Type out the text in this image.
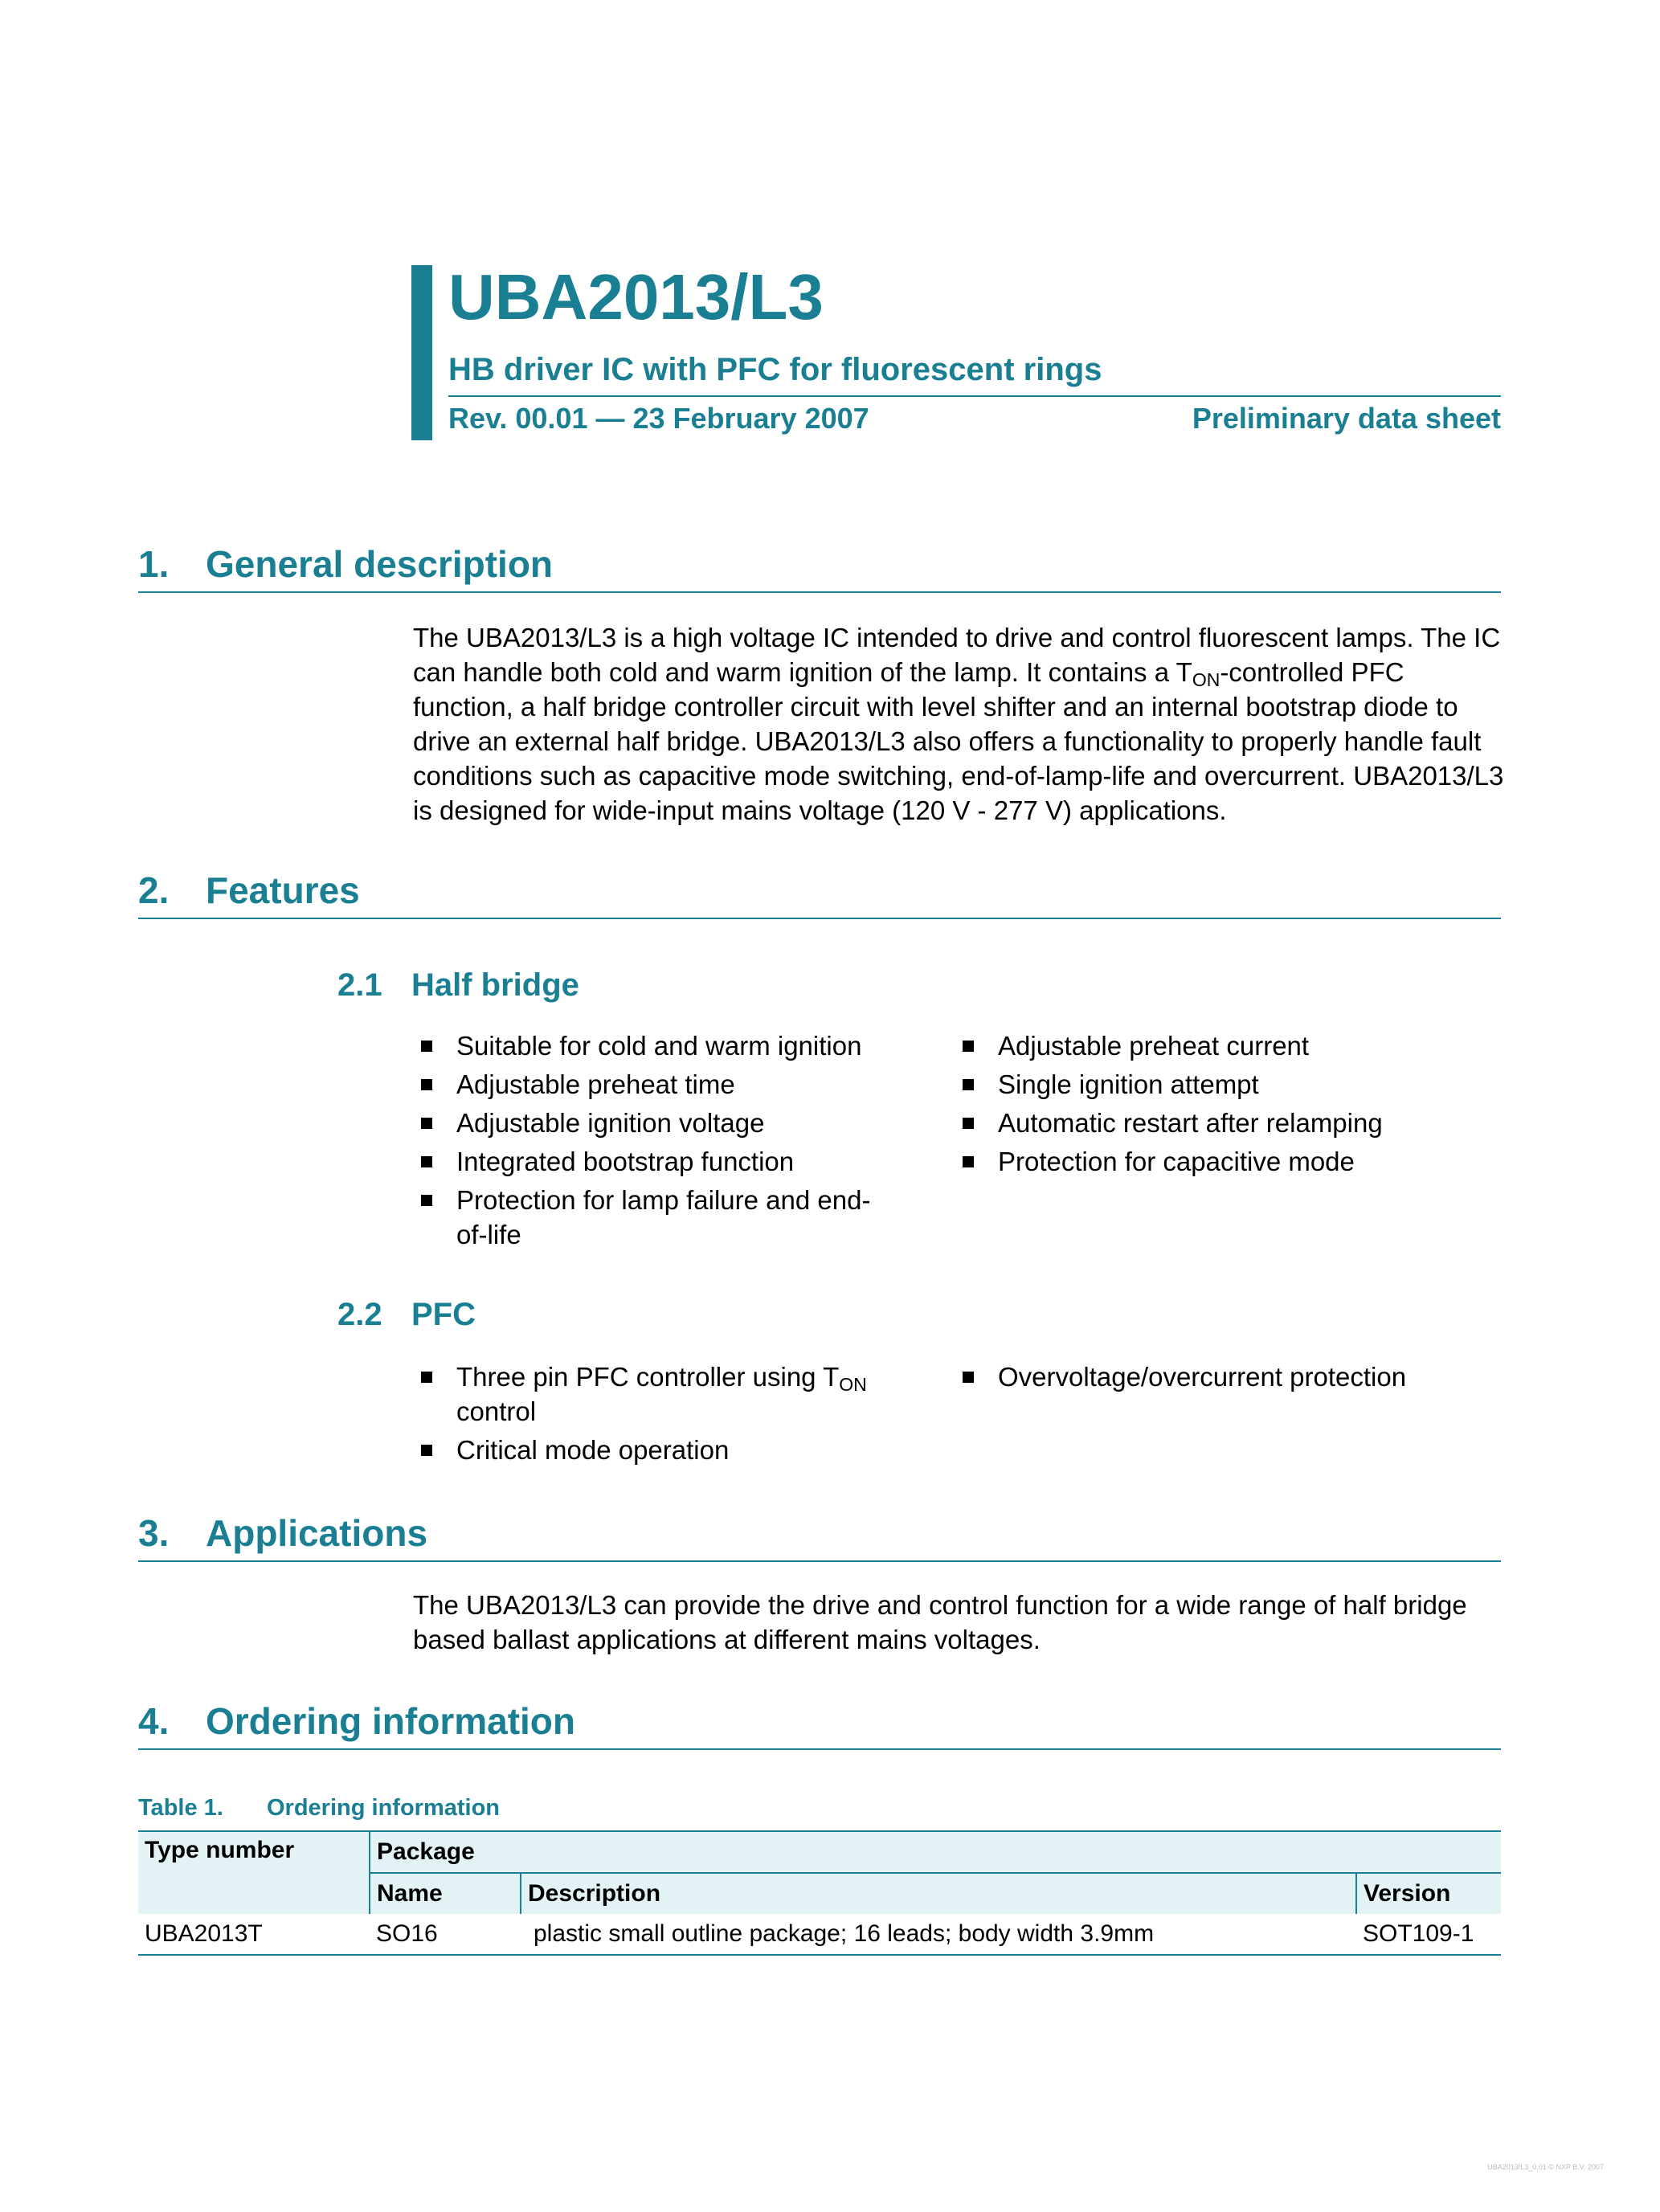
UBA2013/L3
HB driver IC with PFC for fluorescent rings
Rev. 00.01 — 23 February 2007	Preliminary data sheet
1. General description

The UBA2013/L3 is a high voltage IC intended to drive and control fluorescent lamps. The IC can handle both cold and warm ignition of the lamp. It contains a $T_{ON}$-controlled PFC function, a half bridge controller circuit with level shifter and an internal bootstrap diode to drive an external half bridge. UBA2013/L3 also offers a functionality to properly handle fault conditions such as capacitive mode switching, end-of-lamp-life and overcurrent. UBA2013/L3 is designed for wide-input mains voltage (120 V - 277 V) applications.

2. Features
2.1 Half bridge
Suitable for cold and warm ignition
Adjustable preheat time
Adjustable ignition voltage
Integrated bootstrap function
Protection for lamp failure and end-of-life
Adjustable preheat current
Single ignition attempt
Automatic restart after relamping
Protection for capacitive mode
2.2 PFC
Three pin PFC controller using $T_{ON}$
control
Critical mode operation
Overvoltage/overcurrent protection
3. Applications

The UBA2013/L3 can provide the drive and control function for a wide range of half bridge based ballast applications at different mains voltages.

4. Ordering information
Table 1. Ordering information
Type number	Package		
	Name	Description	Version
UBA2013T	SO16	plastic small outline package; 16 leads; body width 3.9mm	SOT109-1
UBA2013/L3_0.01 © NXP B.V. 2007
